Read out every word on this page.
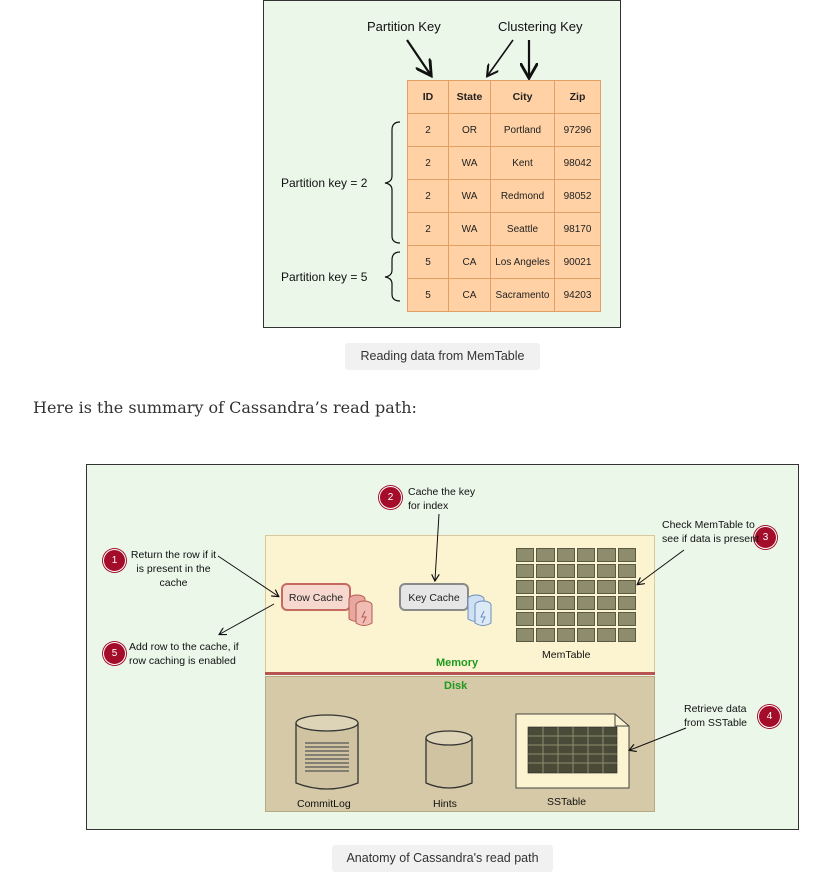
Partition Key	Clustering Key
Partition key = 2
Partition key = 5
ID	State	City	Zip
2	OR	Portland	97296
2	WA	Kent	98042
2	WA	Redmond	98052
2	WA	Seattle	98170
5	CA	Los Angeles	90021
5	CA	Sacramento	94203
Reading data from MemTable
Here is the summary of Cassandra’s read path:
Row Cache	Key Cache
MemTable
Memory
Disk
CommitLog	Hints	SSTable
1	Return the row if it is present in the cache
2	Cache the key for index
3
Check MemTable to see if data is present
4
Retrieve data from SSTable
5
Add row to the cache, if row caching is enabled
Anatomy of Cassandra's read path
